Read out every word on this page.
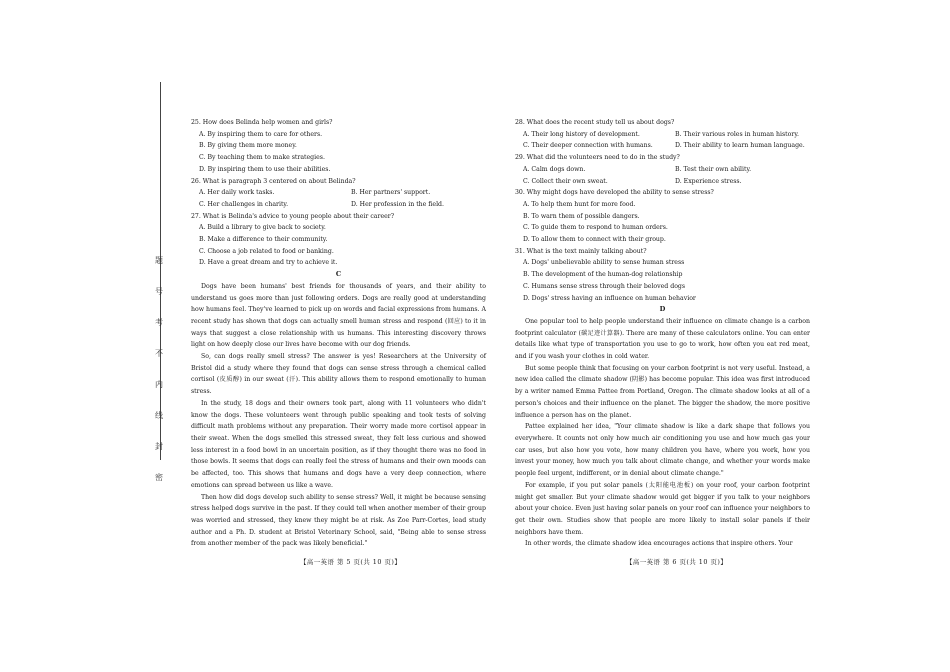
题
号
考
不
内
线
封
密
25. How does Belinda help women and girls?
A. By inspiring them to care for others.
B. By giving them more money.
C. By teaching them to make strategies.
D. By inspiring them to use their abilities.
26. What is paragraph 3 centered on about Belinda?
A. Her daily work tasks.	B. Her partners' support.
C. Her challenges in charity.	D. Her profession in the field.
27. What is Belinda's advice to young people about their career?
A. Build a library to give back to society.
B. Make a difference to their community.
C. Choose a job related to food or banking.
D. Have a great dream and try to achieve it.
C

Dogs have been humans' best friends for thousands of years, and their ability to understand us goes more than just following orders. Dogs are really good at understanding how humans feel. They've learned to pick up on words and facial expressions from humans. A recent study has shown that dogs can actually smell human stress and respond (回应) to it in ways that suggest a close relationship with us humans. This interesting discovery throws light on how deeply close our lives have become with our dog friends.

So, can dogs really smell stress? The answer is yes! Researchers at the University of Bristol did a study where they found that dogs can sense stress through a chemical called cortisol (皮质醇) in our sweat (汗). This ability allows them to respond emotionally to human stress.

In the study, 18 dogs and their owners took part, along with 11 volunteers who didn't know the dogs. These volunteers went through public speaking and took tests of solving difficult math problems without any preparation. Their worry made more cortisol appear in their sweat. When the dogs smelled this stressed sweat, they felt less curious and showed less interest in a food bowl in an uncertain position, as if they thought there was no food in those bowls. It seems that dogs can really feel the stress of humans and their own moods can be affected, too. This shows that humans and dogs have a very deep connection, where emotions can spread between us like a wave.

Then how did dogs develop such ability to sense stress? Well, it might be because sensing stress helped dogs survive in the past. If they could tell when another member of their group was worried and stressed, they knew they might be at risk. As Zoe Parr-Cortes, lead study author and a Ph. D. student at Bristol Veterinary School, said, "Being able to sense stress from another member of the pack was likely beneficial."

【高一英语 第 5 页(共 10 页)】
28. What does the recent study tell us about dogs?
A. Their long history of development.	B. Their various roles in human history.
C. Their deeper connection with humans.	D. Their ability to learn human language.
29. What did the volunteers need to do in the study?
A. Calm dogs down.	B. Test their own ability.
C. Collect their own sweat.	D. Experience stress.
30. Why might dogs have developed the ability to sense stress?
A. To help them hunt for more food.
B. To warn them of possible dangers.
C. To guide them to respond to human orders.
D. To allow them to connect with their group.
31. What is the text mainly talking about?
A. Dogs' unbelievable ability to sense human stress
B. The development of the human-dog relationship
C. Humans sense stress through their beloved dogs
D. Dogs' stress having an influence on human behavior
D

One popular tool to help people understand their influence on climate change is a carbon footprint calculator (碳足迹计算器). There are many of these calculators online. You can enter details like what type of transportation you use to go to work, how often you eat red meat, and if you wash your clothes in cold water.

But some people think that focusing on your carbon footprint is not very useful. Instead, a new idea called the climate shadow (阴影) has become popular. This idea was first introduced by a writer named Emma Pattee from Portland, Oregon. The climate shadow looks at all of a person's choices and their influence on the planet. The bigger the shadow, the more positive influence a person has on the planet.

Pattee explained her idea, "Your climate shadow is like a dark shape that follows you everywhere. It counts not only how much air conditioning you use and how much gas your car uses, but also how you vote, how many children you have, where you work, how you invest your money, how much you talk about climate change, and whether your words make people feel urgent, indifferent, or in denial about climate change."

For example, if you put solar panels (太阳能电池板) on your roof, your carbon footprint might get smaller. But your climate shadow would get bigger if you talk to your neighbors about your choice. Even just having solar panels on your roof can influence your neighbors to get their own. Studies show that people are more likely to install solar panels if their neighbors have them.

In other words, the climate shadow idea encourages actions that inspire others. Your

【高一英语 第 6 页(共 10 页)】
